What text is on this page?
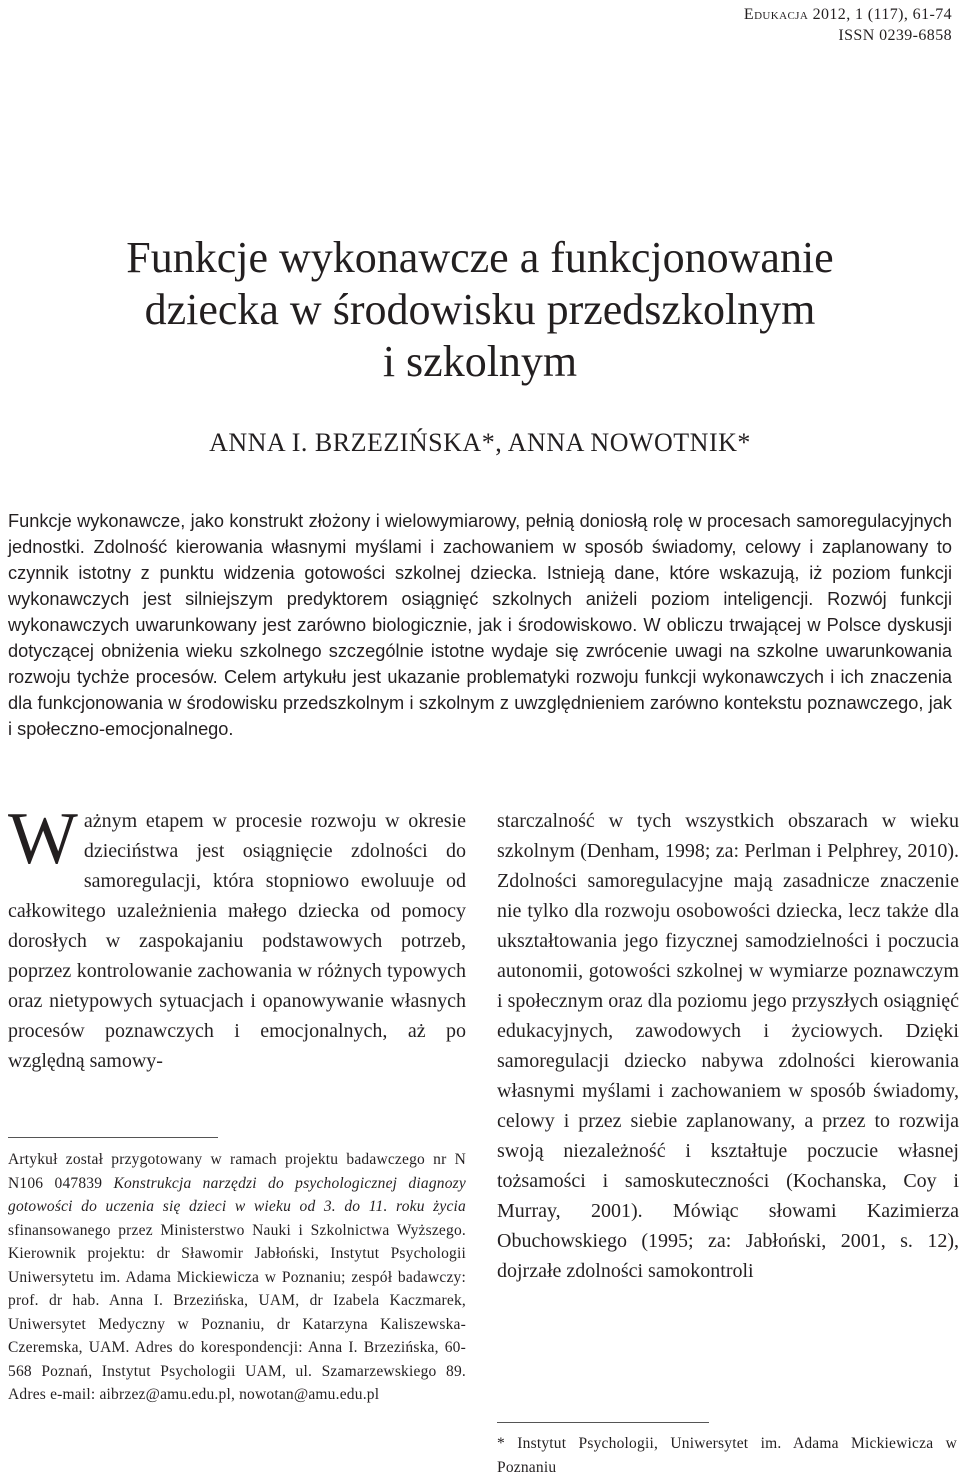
Edukacja 2012, 1 (117), 61-74
ISSN 0239-6858
Funkcje wykonawcze a funkcjonowanie
dziecka w środowisku przedszkolnym
i szkolnym
ANNA I. BRZEZIŃSKA*, ANNA NOWOTNIK*

Funkcje wykonawcze, jako konstrukt złożony i wielowymiarowy, pełnią doniosłą rolę w procesach samoregulacyjnych jednostki. Zdolność kierowania własnymi myślami i zachowaniem w sposób świadomy, celowy i zaplanowany to czynnik istotny z punktu widzenia gotowości szkolnej dziecka. Istnieją dane, które wskazują, iż poziom funkcji wykonawczych jest silniejszym predyktorem osiągnięć szkolnych aniżeli poziom inteligencji. Rozwój funkcji wykonawczych uwarunkowany jest zarówno biologicznie, jak i środowiskowo. W obliczu trwającej w Polsce dyskusji dotyczącej obniżenia wieku szkolnego szczególnie istotne wydaje się zwrócenie uwagi na szkolne uwarunkowania rozwoju tychże procesów. Celem artykułu jest ukazanie problematyki rozwoju funkcji wykonawczych i ich znaczenia dla funkcjonowania w środowisku przedszkolnym i szkolnym z uwzględnieniem zarówno kontekstu poznawczego, jak i społeczno-emocjonalnego.

Ważnym etapem w procesie rozwoju w okresie dzieciństwa jest osiągnięcie zdolności do samoregulacji, która stopniowo ewoluuje od całkowitego uzależnienia małego dziecka od pomocy dorosłych w zaspokajaniu podstawowych potrzeb, poprzez kontrolowanie zachowania w różnych typowych oraz nietypowych sytuacjach i opanowywanie własnych procesów poznawczych i emocjonalnych, aż po względną samowy-

starczalność w tych wszystkich obszarach w wieku szkolnym (Denham, 1998; za: Perlman i Pelphrey, 2010). Zdolności samoregulacyjne mają zasadnicze znaczenie nie tylko dla rozwoju osobowości dziecka, lecz także dla ukształtowania jego fizycznej samodzielności i poczucia autonomii, gotowości szkolnej w wymiarze poznawczym i społecznym oraz dla poziomu jego przyszłych osiągnięć edukacyjnych, zawodowych i życiowych. Dzięki samoregulacji dziecko nabywa zdolności kierowania własnymi myślami i zachowaniem w sposób świadomy, celowy i przez siebie zaplanowany, a przez to rozwija swoją niezależność i kształtuje poczucie własnej tożsamości i samoskuteczności (Kochanska, Coy i Murray, 2001). Mówiąc słowami Kazimierza Obuchowskiego (1995; za: Jabłoński, 2001, s. 12), dojrzałe zdolności samokontroli

Artykuł został przygotowany w ramach projektu badawczego nr N N106 047839 Konstrukcja narzędzi do psychologicznej diagnozy gotowości do uczenia się dzieci w wieku od 3. do 11. roku życia sfinansowanego przez Ministerstwo Nauki i Szkolnictwa Wyższego. Kierownik projektu: dr Sławomir Jabłoński, Instytut Psychologii Uniwersytetu im. Adama Mickiewicza w Poznaniu; zespół badawczy: prof. dr hab. Anna I. Brzezińska, UAM, dr Izabela Kaczmarek, Uniwersytet Medyczny w Poznaniu, dr Katarzyna Kaliszewska-Czeremska, UAM. Adres do korespondencji: Anna I. Brzezińska, 60-568 Poznań, Instytut Psychologii UAM, ul. Szamarzewskiego 89. Adres e-mail: aibrzez@amu.edu.pl, nowotan@amu.edu.pl

* Instytut Psychologii, Uniwersytet im. Adama Mickiewicza w Poznaniu
